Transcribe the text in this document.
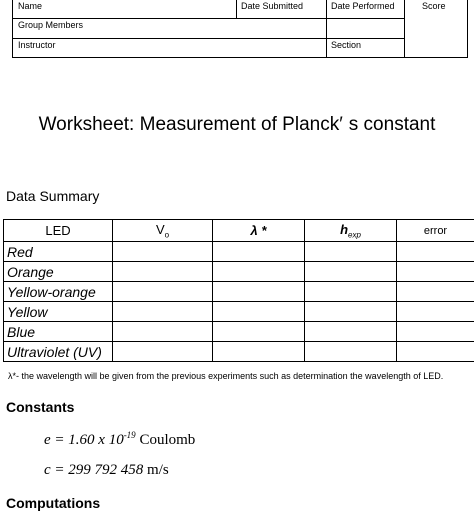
Name	Date Submitted	Date Performed	Score
Group Members
Instructor	Section
Worksheet: Measurement of Planck′ s constant
Data Summary
LED	$V_o$	λ *	$h_{exp}$	error
Red				
Orange				
Yellow-orange				
Yellow				
Blue				
Ultraviolet (UV)				
λ*- the wavelength will be given from the previous experiments such as determination the wavelength of LED.
Constants
e = 1.60 x $10^{-19}$ Coulomb
c = 299 792 458 m/s
Computations
